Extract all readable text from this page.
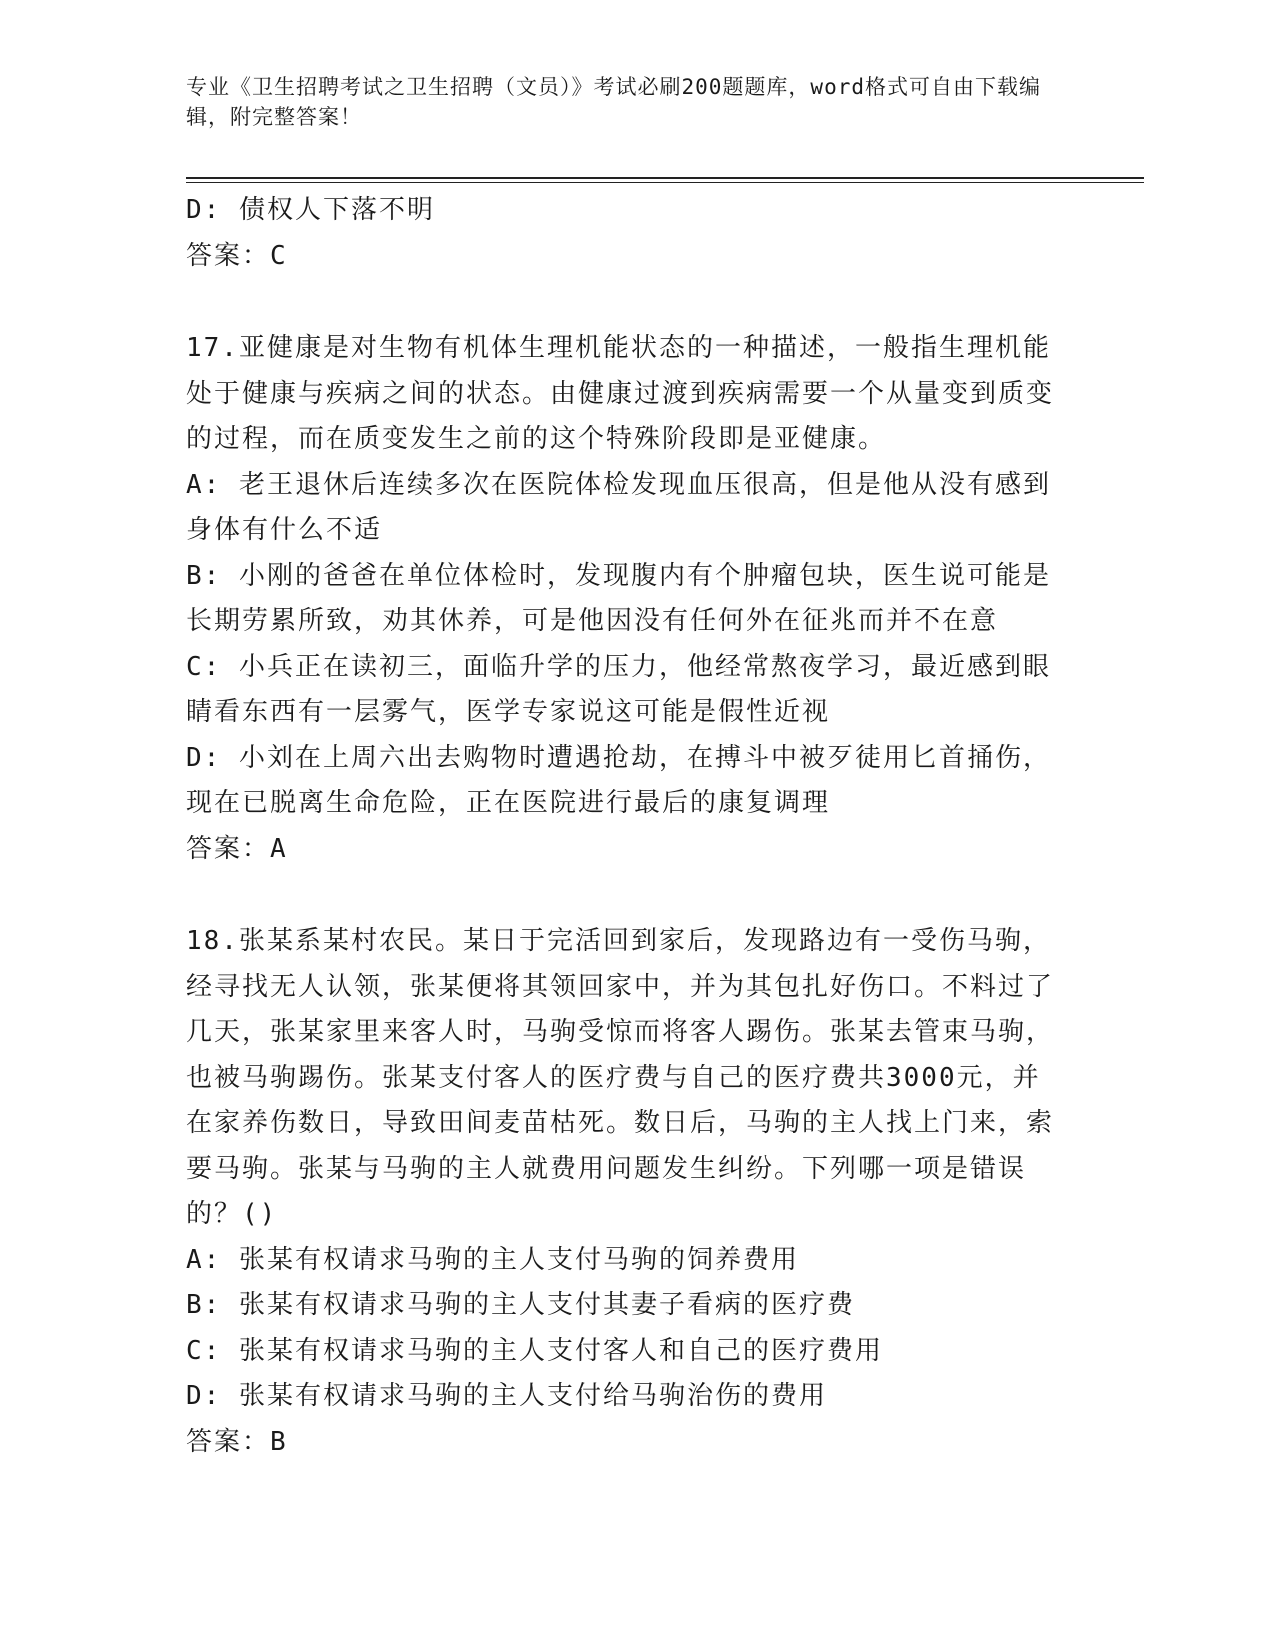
专业《卫生招聘考试之卫生招聘（文员）》考试必刷200题题库，word格式可自由下载编辑，附完整答案！

D: 债权人下落不明

答案：C

17.亚健康是对生物有机体生理机能状态的一种描述，一般指生理机能处于健康与疾病之间的状态。由健康过渡到疾病需要一个从量变到质变的过程，而在质变发生之前的这个特殊阶段即是亚健康。

A: 老王退休后连续多次在医院体检发现血压很高，但是他从没有感到身体有什么不适

B: 小刚的爸爸在单位体检时，发现腹内有个肿瘤包块，医生说可能是长期劳累所致，劝其休养，可是他因没有任何外在征兆而并不在意

C: 小兵正在读初三，面临升学的压力，他经常熬夜学习，最近感到眼睛看东西有一层雾气，医学专家说这可能是假性近视

D: 小刘在上周六出去购物时遭遇抢劫，在搏斗中被歹徒用匕首捅伤，现在已脱离生命危险，正在医院进行最后的康复调理

答案：A

18.张某系某村农民。某日于完活回到家后，发现路边有一受伤马驹，经寻找无人认领，张某便将其领回家中，并为其包扎好伤口。不料过了几天，张某家里来客人时，马驹受惊而将客人踢伤。张某去管束马驹，也被马驹踢伤。张某支付客人的医疗费与自己的医疗费共3000元，并在家养伤数日，导致田间麦苗枯死。数日后，马驹的主人找上门来，索要马驹。张某与马驹的主人就费用问题发生纠纷。下列哪一项是错误的？()

A: 张某有权请求马驹的主人支付马驹的饲养费用

B: 张某有权请求马驹的主人支付其妻子看病的医疗费

C: 张某有权请求马驹的主人支付客人和自己的医疗费用

D: 张某有权请求马驹的主人支付给马驹治伤的费用

答案：B
